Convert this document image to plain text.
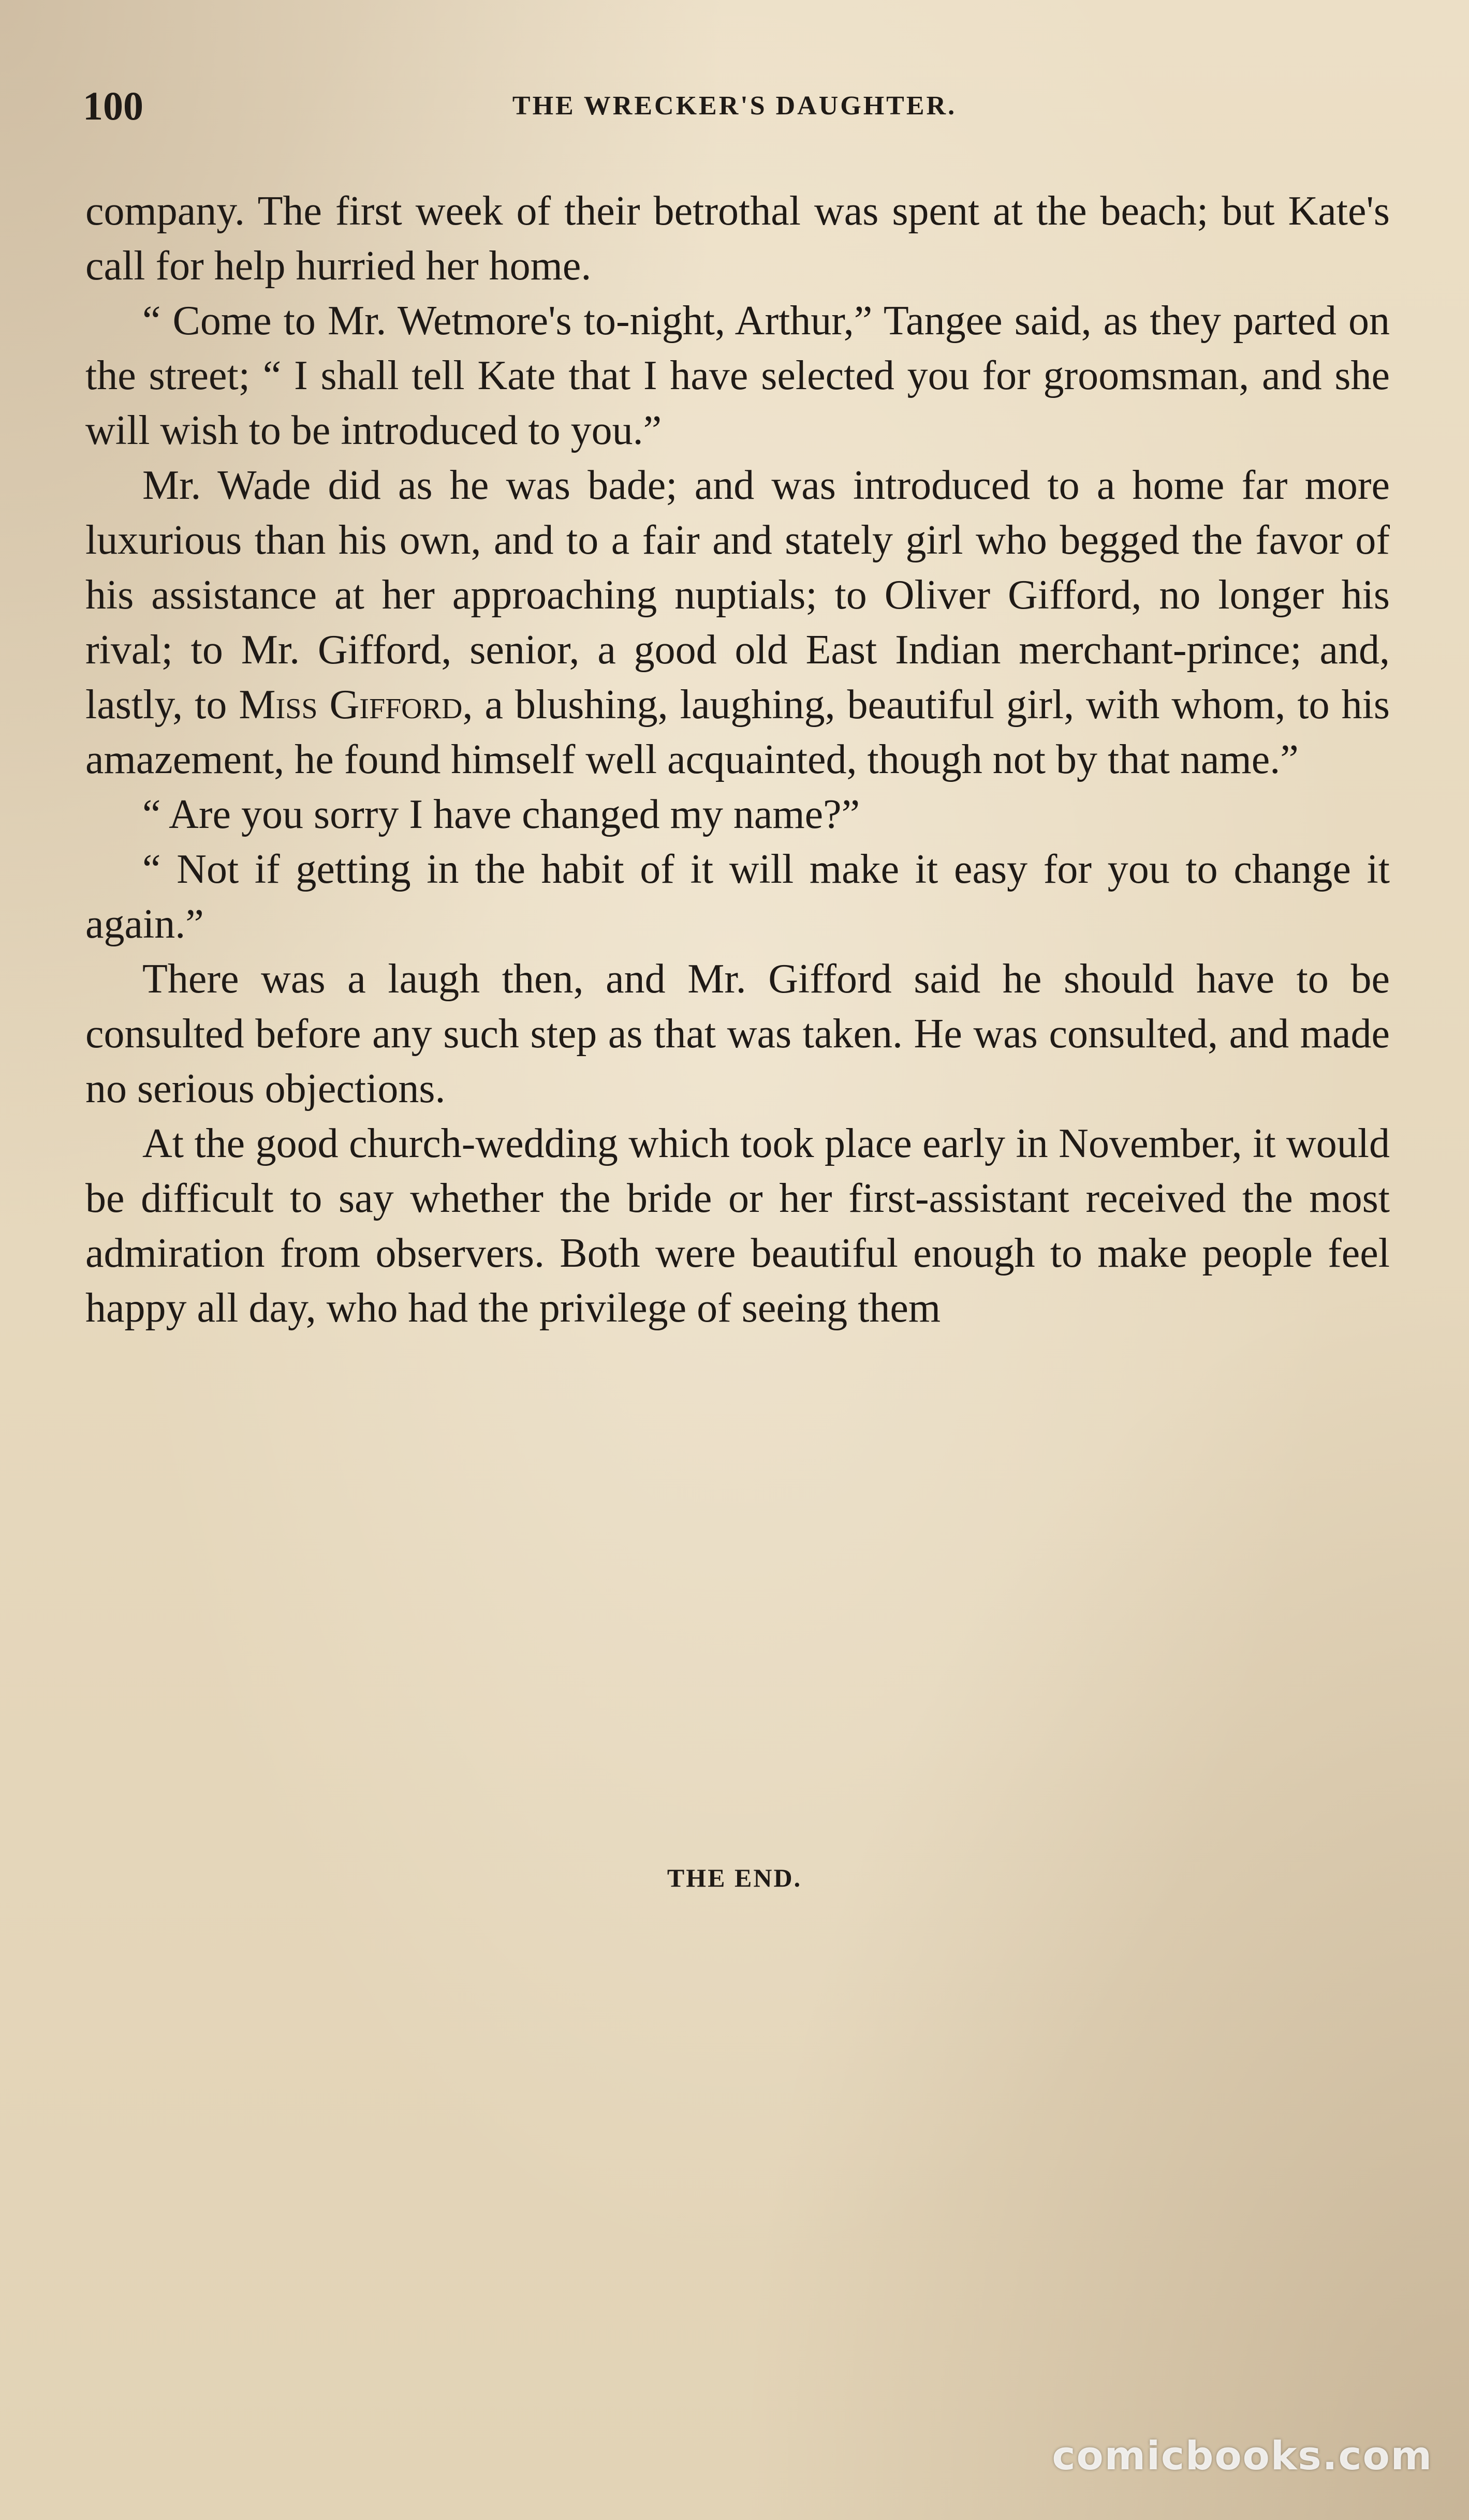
100	THE WRECKER'S DAUGHTER.

company. The first week of their betrothal was spent at the beach; but Kate's call for help hurried her home.

“ Come to Mr. Wetmore's to-night, Arthur,” Tangee said, as they parted on the street; “ I shall tell Kate that I have selected you for groomsman, and she will wish to be introduced to you.”

Mr. Wade did as he was bade; and was introduced to a home far more luxurious than his own, and to a fair and stately girl who begged the favor of his assistance at her approaching nuptials; to Oliver Gifford, no longer his rival; to Mr. Gifford, senior, a good old East Indian merchant-prince; and, lastly, to Miss Gifford, a blushing, laughing, beautiful girl, with whom, to his amazement, he found himself well acquainted, though not by that name.”

“ Are you sorry I have changed my name?”

“ Not if getting in the habit of it will make it easy for you to change it again.”

There was a laugh then, and Mr. Gifford said he should have to be consulted before any such step as that was taken. He was consulted, and made no serious objections.

At the good church-wedding which took place early in November, it would be difficult to say whether the bride or her first-assistant received the most admiration from observers. Both were beautiful enough to make people feel happy all day, who had the privilege of seeing them

THE END.
comicbooks.com
